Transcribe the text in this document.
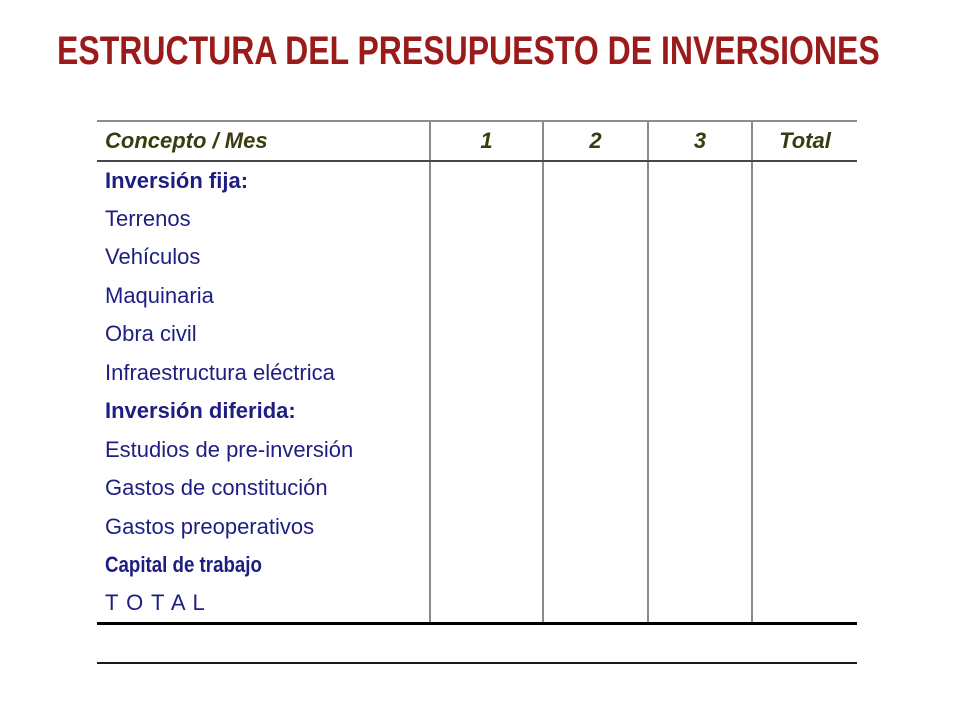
ESTRUCTURA DEL PRESUPUESTO DE INVERSIONES
Concepto / Mes	1	2	3	Total
Inversión fija:				
Terrenos				
Vehículos				
Maquinaria				
Obra civil				
Infraestructura eléctrica				
Inversión diferida:				
Estudios de pre-inversión				
Gastos de constitución				
Gastos preoperativos				
Capital de trabajo				
T O T A L				
